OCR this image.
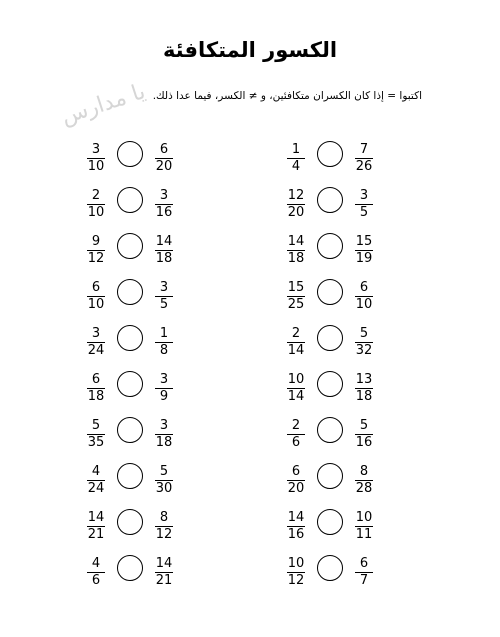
الكسور المتكافئة
اكتبوا = إذا كان الكسران متكافئين، و ≠ الكسر، فيما عدا ذلك.
يا مدارس
3
10
6
20
2
10
3
16
9
12
14
18
6
10
3
5
3
24
1
8
6
18
3
9
5
35
3
18
4
24
5
30
14
21
8
12
4
6
14
21
1
4
7
26
12
20
3
5
14
18
15
19
15
25
6
10
2
14
5
32
10
14
13
18
2
6
5
16
6
20
8
28
14
16
10
11
10
12
6
7
